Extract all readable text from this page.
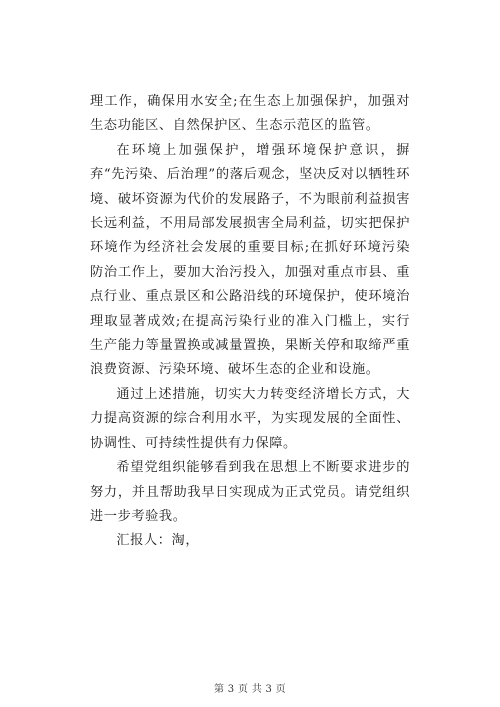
理工作，确保用水安全;在生态上加强保护，加强对生态功能区、自然保护区、生态示范区的监管。

在环境上加强保护，增强环境保护意识，摒弃“先污染、后治理”的落后观念，坚决反对以牺牲环境、破坏资源为代价的发展路子，不为眼前利益损害长远利益，不用局部发展损害全局利益，切实把保护环境作为经济社会发展的重要目标;在抓好环境污染防治工作上，要加大治污投入，加强对重点市县、重点行业、重点景区和公路沿线的环境保护，使环境治理取显著成效;在提高污染行业的准入门槛上，实行生产能力等量置换或减量置换，果断关停和取缔严重浪费资源、污染环境、破坏生态的企业和设施。

通过上述措施，切实大力转变经济增长方式，大力提高资源的综合利用水平，为实现发展的全面性、协调性、可持续性提供有力保障。

希望党组织能够看到我在思想上不断要求进步的努力，并且帮助我早日实现成为正式党员。请党组织进一步考验我。

汇报人：淘，

第 3 页 共 3 页
